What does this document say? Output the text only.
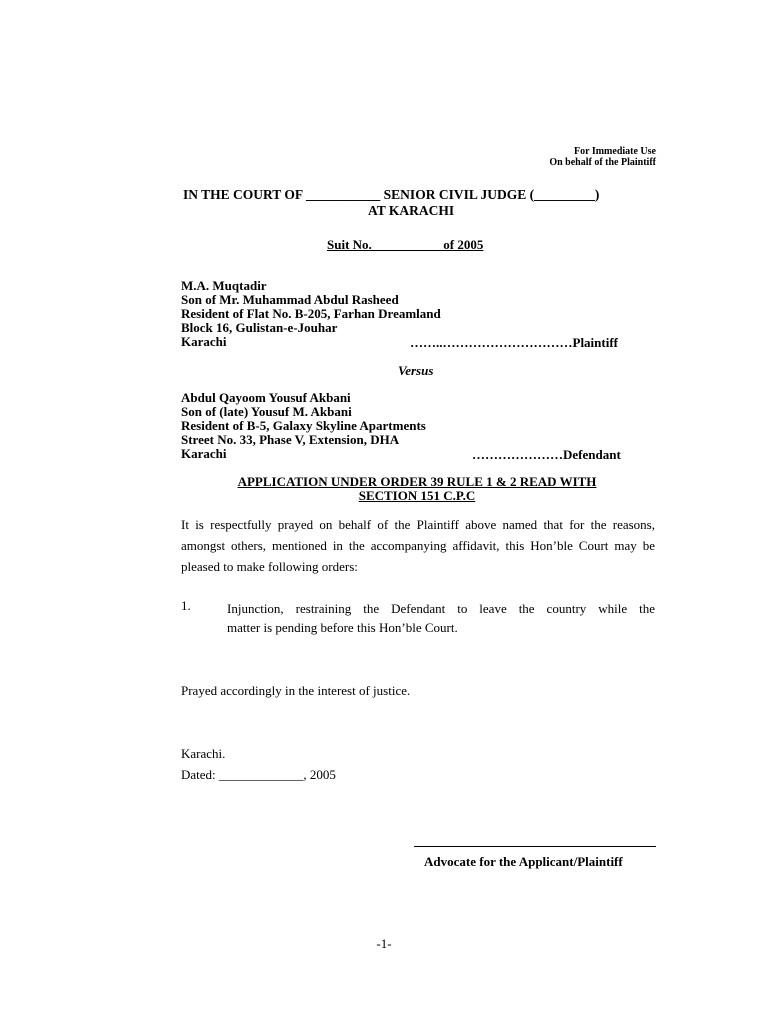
For Immediate Use
On behalf of the Plaintiff
IN THE COURT OF ___________ SENIOR CIVIL JUDGE (_________)
AT KARACHI
Suit No.___________of 2005
M.A. Muqtadir
Son of Mr. Muhammad Abdul Rasheed
Resident of Flat No. B-205, Farhan Dreamland
Block 16, Gulistan-e-Jouhar
Karachi	……..…………………………Plaintiff
Versus
Abdul Qayoom Yousuf Akbani
Son of (late) Yousuf M. Akbani
Resident of B-5, Galaxy Skyline Apartments
Street No. 33, Phase V, Extension, DHA
Karachi	…………………Defendant
APPLICATION UNDER ORDER 39 RULE 1 & 2 READ WITH
SECTION 151 C.P.C
It is respectfully prayed on behalf of the Plaintiff above named that for the reasons, amongst others, mentioned in the accompanying affidavit, this Hon’ble Court may be pleased to make following orders:
1.	Injunction, restraining the Defendant to leave the country while the
matter is pending before this Hon’ble Court.
Prayed accordingly in the interest of justice.
Karachi.
Dated: _____________, 2005
Advocate for the Applicant/Plaintiff
-1-
